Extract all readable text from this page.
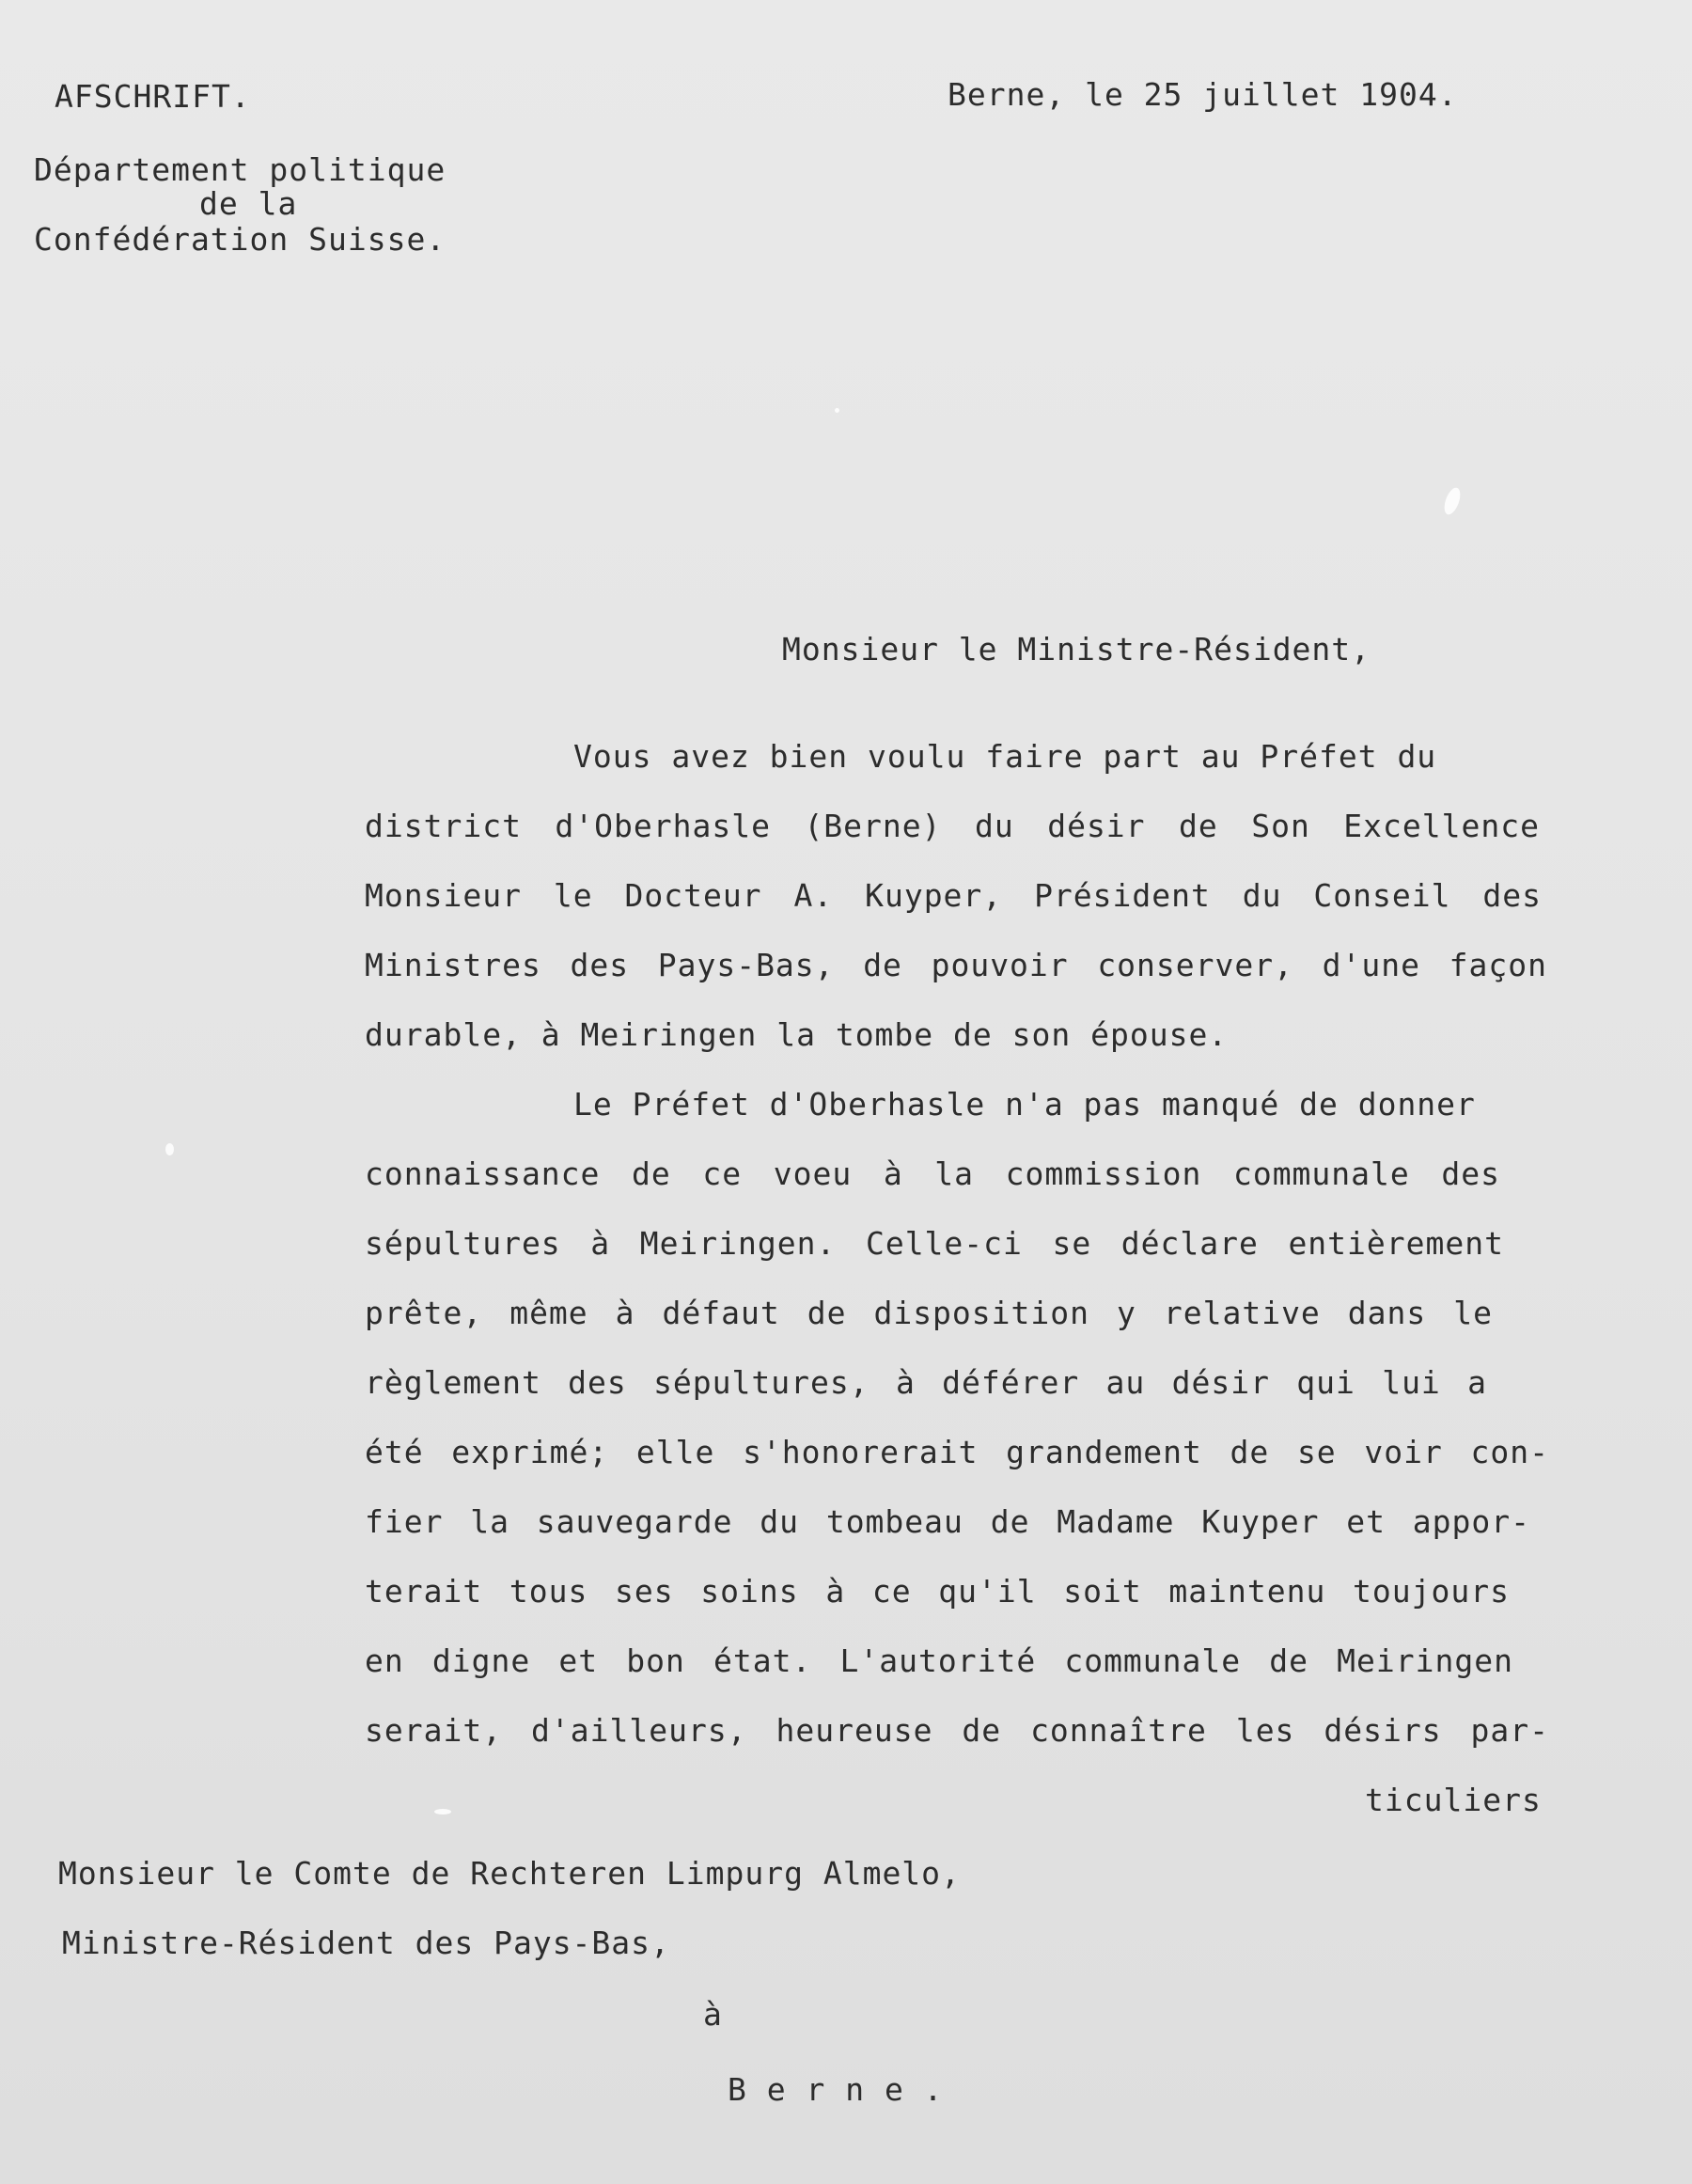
AFSCHRIFT.	Berne, le 25 juillet 1904.
Département politique
de la
Confédération Suisse.
Monsieur le Ministre-Résident,
Vous avez bien voulu faire part au Préfet du
district d'Oberhasle (Berne) du désir de Son Excellence
Monsieur le Docteur A. Kuyper, Président du Conseil des
Ministres des Pays-Bas, de pouvoir conserver, d'une façon
durable, à Meiringen la tombe de son épouse.
Le Préfet d'Oberhasle n'a pas manqué de donner
connaissance de ce voeu à la commission communale des
sépultures à Meiringen. Celle-ci se déclare entièrement
prête, même à défaut de disposition y relative dans le
règlement des sépultures, à déférer au désir qui lui a
été exprimé; elle s'honorerait grandement de se voir con-
fier la sauvegarde du tombeau de Madame Kuyper et appor-
terait tous ses soins à ce qu'il soit maintenu toujours
en digne et bon état. L'autorité communale de Meiringen
serait, d'ailleurs, heureuse de connaître les désirs par-
ticuliers
Monsieur le Comte de Rechteren Limpurg Almelo,
Ministre-Résident des Pays-Bas,
à
B e r n e .
